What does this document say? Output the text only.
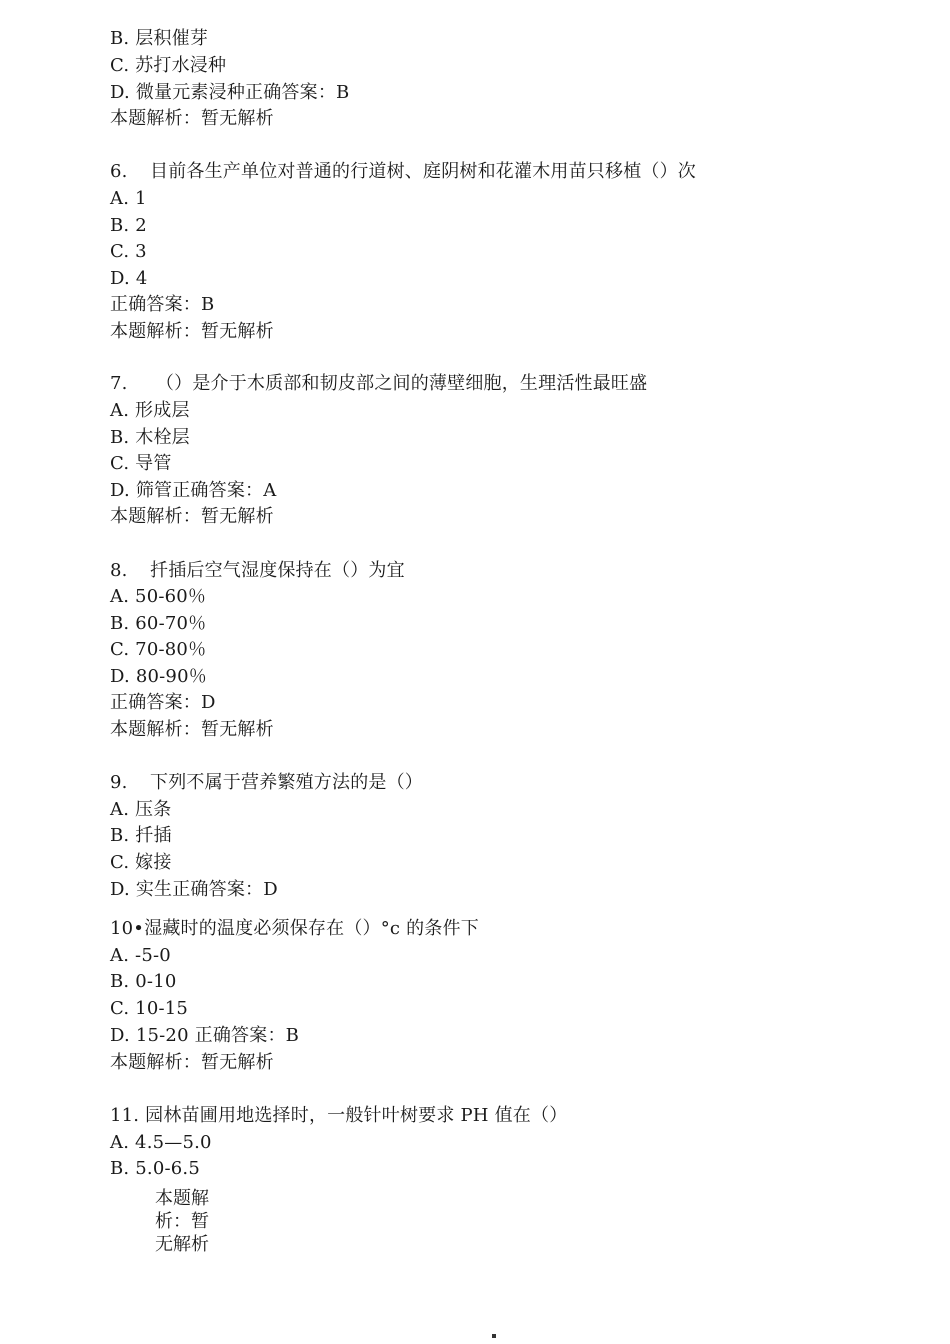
B. 层积催芽
C. 苏打水浸种
D. 微量元素浸种正确答案：B
本题解析：暂无解析
6. 目前各生产单位对普通的行道树、庭阴树和花灌木用苗只移植（）次
A. 1
B. 2
C. 3
D. 4
正确答案：B
本题解析：暂无解析
7. （）是介于木质部和韧皮部之间的薄壁细胞，生理活性最旺盛
A. 形成层
B. 木栓层
C. 导管
D. 筛管正确答案：A
本题解析：暂无解析
8. 扦插后空气湿度保持在（）为宜
A. 50-60％
B. 60-70％
C. 70-80％
D. 80-90％
正确答案：D
本题解析：暂无解析
9. 下列不属于营养繁殖方法的是（）
A. 压条
B. 扦插
C. 嫁接
D. 实生正确答案：D
10•湿藏时的温度必须保存在（）°c 的条件下
A. -5-0
B. 0-10
C. 10-15
D. 15-20 正确答案：B
本题解析：暂无解析
11. 园林苗圃用地选择时，一般针叶树要求 PH 值在（）
A. 4.5—5.0
B. 5.0-6.5
本题解析：暂无解析
